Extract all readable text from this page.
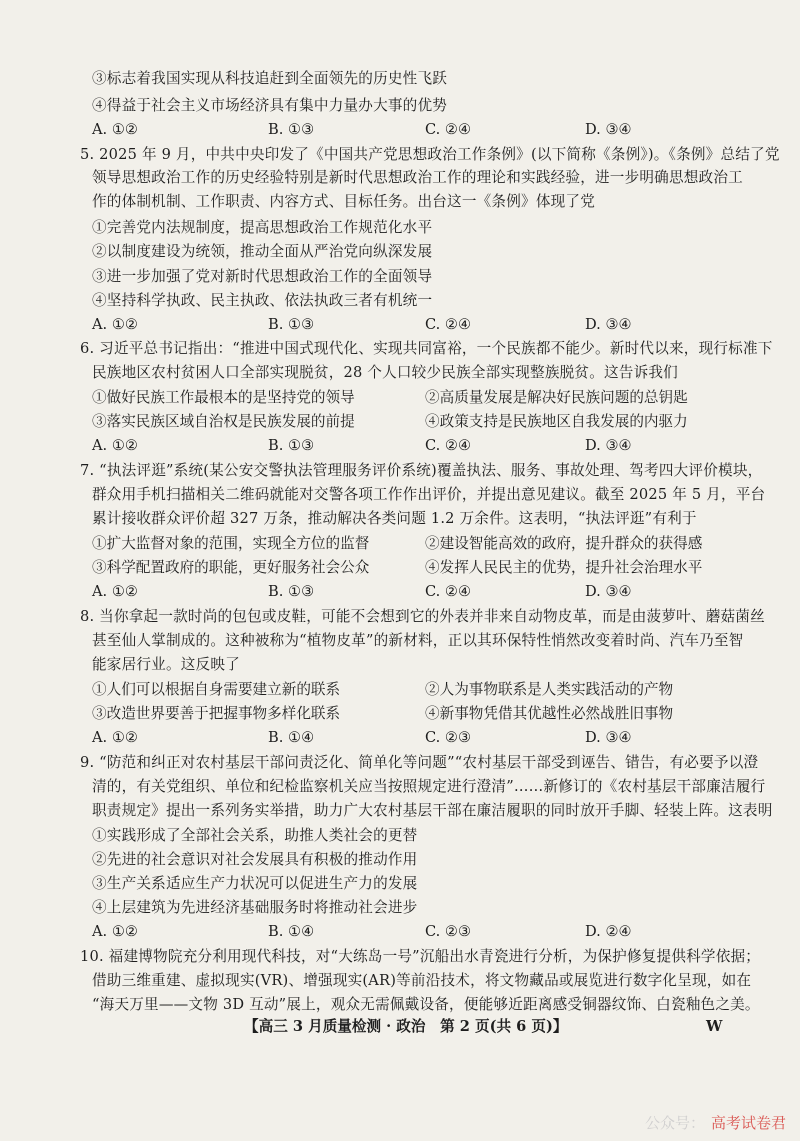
③标志着我国实现从科技追赶到全面领先的历史性飞跃
④得益于社会主义市场经济具有集中力量办大事的优势
A. ①②	B. ①③	C. ②④	D. ③④
5. 2025 年 9 月，中共中央印发了《中国共产党思想政治工作条例》(以下简称《条例》)。《条例》总结了党
领导思想政治工作的历史经验特别是新时代思想政治工作的理论和实践经验，进一步明确思想政治工
作的体制机制、工作职责、内容方式、目标任务。出台这一《条例》体现了党
①完善党内法规制度，提高思想政治工作规范化水平
②以制度建设为统领，推动全面从严治党向纵深发展
③进一步加强了党对新时代思想政治工作的全面领导
④坚持科学执政、民主执政、依法执政三者有机统一
A. ①②	B. ①③	C. ②④	D. ③④
6. 习近平总书记指出：“推进中国式现代化、实现共同富裕，一个民族都不能少。新时代以来，现行标准下
民族地区农村贫困人口全部实现脱贫，28 个人口较少民族全部实现整族脱贫。这告诉我们
①做好民族工作最根本的是坚持党的领导	②高质量发展是解决好民族问题的总钥匙
③落实民族区域自治权是民族发展的前提	④政策支持是民族地区自我发展的内驱力
A. ①②	B. ①③	C. ②④	D. ③④
7. “执法评逛”系统(某公安交警执法管理服务评价系统)覆盖执法、服务、事故处理、驾考四大评价模块，
群众用手机扫描相关二维码就能对交警各项工作作出评价，并提出意见建议。截至 2025 年 5 月，平台
累计接收群众评价超 327 万条，推动解决各类问题 1.2 万余件。这表明，“执法评逛”有利于
①扩大监督对象的范围，实现全方位的监督	②建设智能高效的政府，提升群众的获得感
③科学配置政府的职能，更好服务社会公众	④发挥人民民主的优势，提升社会治理水平
A. ①②	B. ①③	C. ②④	D. ③④
8. 当你拿起一款时尚的包包或皮鞋，可能不会想到它的外表并非来自动物皮革，而是由菠萝叶、蘑菇菌丝
甚至仙人掌制成的。这种被称为“植物皮革”的新材料，正以其环保特性悄然改变着时尚、汽车乃至智
能家居行业。这反映了
①人们可以根据自身需要建立新的联系	②人为事物联系是人类实践活动的产物
③改造世界要善于把握事物多样化联系	④新事物凭借其优越性必然战胜旧事物
A. ①②	B. ①④	C. ②③	D. ③④
9. “防范和纠正对农村基层干部问责泛化、简单化等问题”“农村基层干部受到诬告、错告，有必要予以澄
清的，有关党组织、单位和纪检监察机关应当按照规定进行澄清”……新修订的《农村基层干部廉洁履行
职责规定》提出一系列务实举措，助力广大农村基层干部在廉洁履职的同时放开手脚、轻装上阵。这表明
①实践形成了全部社会关系，助推人类社会的更替
②先进的社会意识对社会发展具有积极的推动作用
③生产关系适应生产力状况可以促进生产力的发展
④上层建筑为先进经济基础服务时将推动社会进步
A. ①②	B. ①④	C. ②③	D. ②④
10. 福建博物院充分利用现代科技，对“大练岛一号”沉船出水青瓷进行分析，为保护修复提供科学依据；
借助三维重建、虚拟现实(VR)、增强现实(AR)等前沿技术，将文物藏品或展览进行数字化呈现，如在
“海天万里——文物 3D 互动”展上，观众无需佩戴设备，便能够近距离感受铜器纹饰、白瓷釉色之美。
【高三 3 月质量检测 · 政治　第 2 页(共 6 页)】	W
公众号： 高考试卷君
